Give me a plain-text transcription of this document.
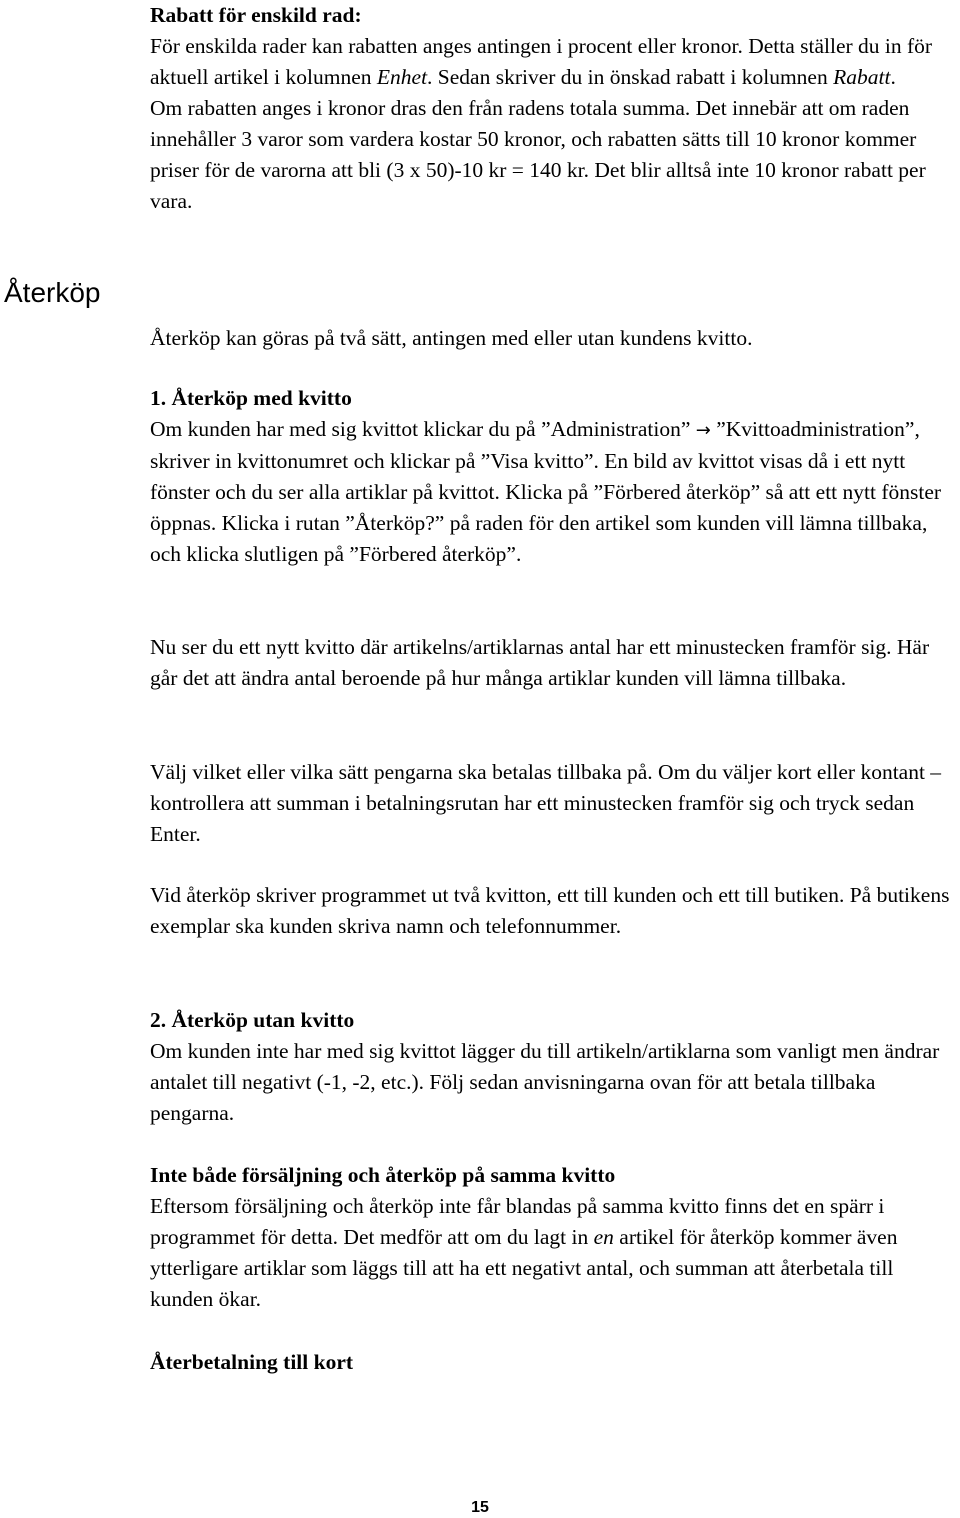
Återköp
Rabatt för enskild rad:

För enskilda rader kan rabatten anges antingen i procent eller kronor. Detta ställer du in för aktuell artikel i kolumnen Enhet. Sedan skriver du in önskad rabatt i kolumnen Rabatt.

Om rabatten anges i kronor dras den från radens totala summa. Det innebär att om raden innehåller 3 varor som vardera kostar 50 kronor, och rabatten sätts till 10 kronor kommer priser för de varorna att bli (3 x 50)-10 kr = 140 kr. Det blir alltså inte 10 kronor rabatt per vara.

Återköp kan göras på två sätt, antingen med eller utan kundens kvitto.

1. Återköp med kvitto

Om kunden har med sig kvittot klickar du på ”Administration” → ”Kvittoadministration”, skriver in kvittonumret och klickar på ”Visa kvitto”. En bild av kvittot visas då i ett nytt fönster och du ser alla artiklar på kvittot. Klicka på ”Förbered återköp” så att ett nytt fönster öppnas. Klicka i rutan ”Återköp?” på raden för den artikel som kunden vill lämna tillbaka, och klicka slutligen på ”Förbered återköp”.

Nu ser du ett nytt kvitto där artikelns/artiklarnas antal har ett minustecken framför sig. Här går det att ändra antal beroende på hur många artiklar kunden vill lämna tillbaka.

Välj vilket eller vilka sätt pengarna ska betalas tillbaka på. Om du väljer kort eller kontant – kontrollera att summan i betalningsrutan har ett minustecken framför sig och tryck sedan Enter.

Vid återköp skriver programmet ut två kvitton, ett till kunden och ett till butiken. På butikens exemplar ska kunden skriva namn och telefonnummer.

2. Återköp utan kvitto

Om kunden inte har med sig kvittot lägger du till artikeln/artiklarna som vanligt men ändrar antalet till negativt (-1, -2, etc.). Följ sedan anvisningarna ovan för att betala tillbaka pengarna.

Inte både försäljning och återköp på samma kvitto

Eftersom försäljning och återköp inte får blandas på samma kvitto finns det en spärr i programmet för detta. Det medför att om du lagt in en artikel för återköp kommer även ytterligare artiklar som läggs till att ha ett negativt antal, och summan att återbetala till kunden ökar.

Återbetalning till kort
15
